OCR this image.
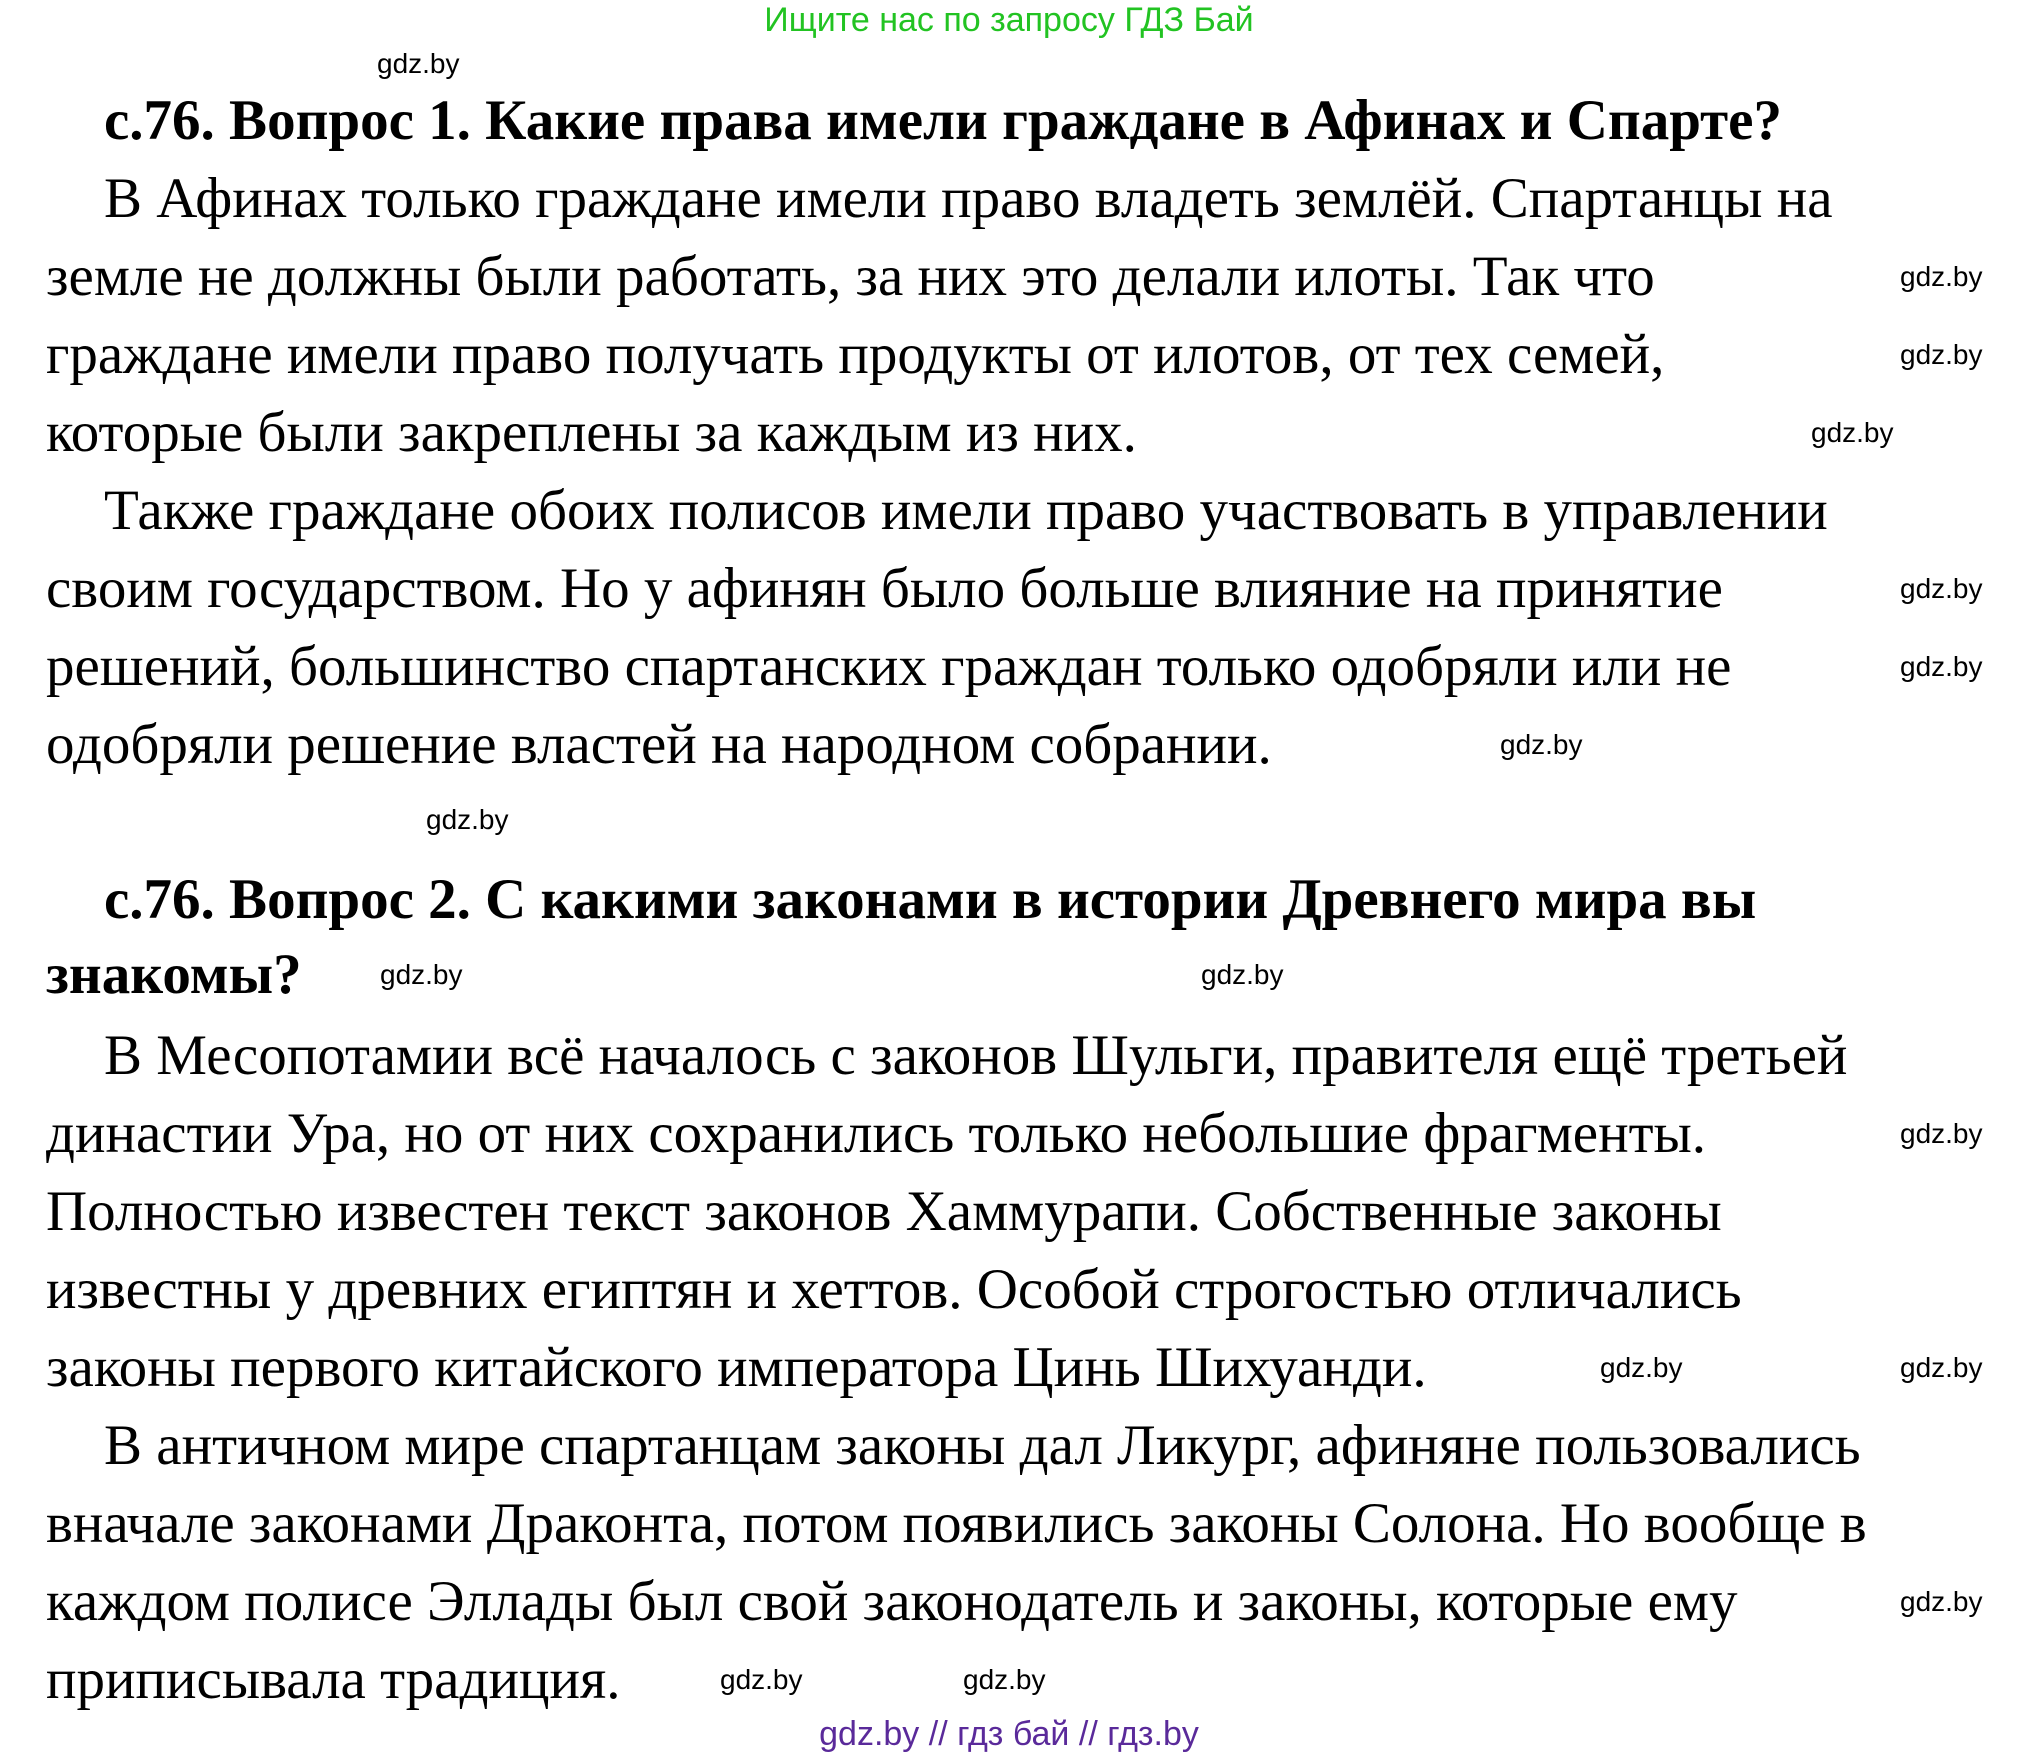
Ищите нас по запросу ГДЗ Бай
с.76. Вопрос 1. Какие права имели граждане в Афинах и Спарте?
В Афинах только граждане имели право владеть землёй. Спартанцы на
земле не должны были работать, за них это делали илоты. Так что
граждане имели право получать продукты от илотов, от тех семей,
которые были закреплены за каждым из них.
Также граждане обоих полисов имели право участвовать в управлении
своим государством. Но у афинян было больше влияние на принятие
решений, большинство спартанских граждан только одобряли или не
одобряли решение властей на народном собрании.
с.76. Вопрос 2. С какими законами в истории Древнего мира вы
знакомы?
В Месопотамии всё началось с законов Шульги, правителя ещё третьей
династии Ура, но от них сохранились только небольшие фрагменты.
Полностью известен текст законов Хаммурапи. Собственные законы
известны у древних египтян и хеттов. Особой строгостью отличались
законы первого китайского императора Цинь Шихуанди.
В античном мире спартанцам законы дал Ликург, афиняне пользовались
вначале законами Драконта, потом появились законы Солона. Но вообще в
каждом полисе Эллады был свой законодатель и законы, которые ему
приписывала традиция.
gdz.by
gdz.by
gdz.by
gdz.by
gdz.by
gdz.by
gdz.by
gdz.by
gdz.by
gdz.by
gdz.by
gdz.by	gdz.by
gdz.by
gdz.by	gdz.by
gdz.by // гдз бай // гдз.by
